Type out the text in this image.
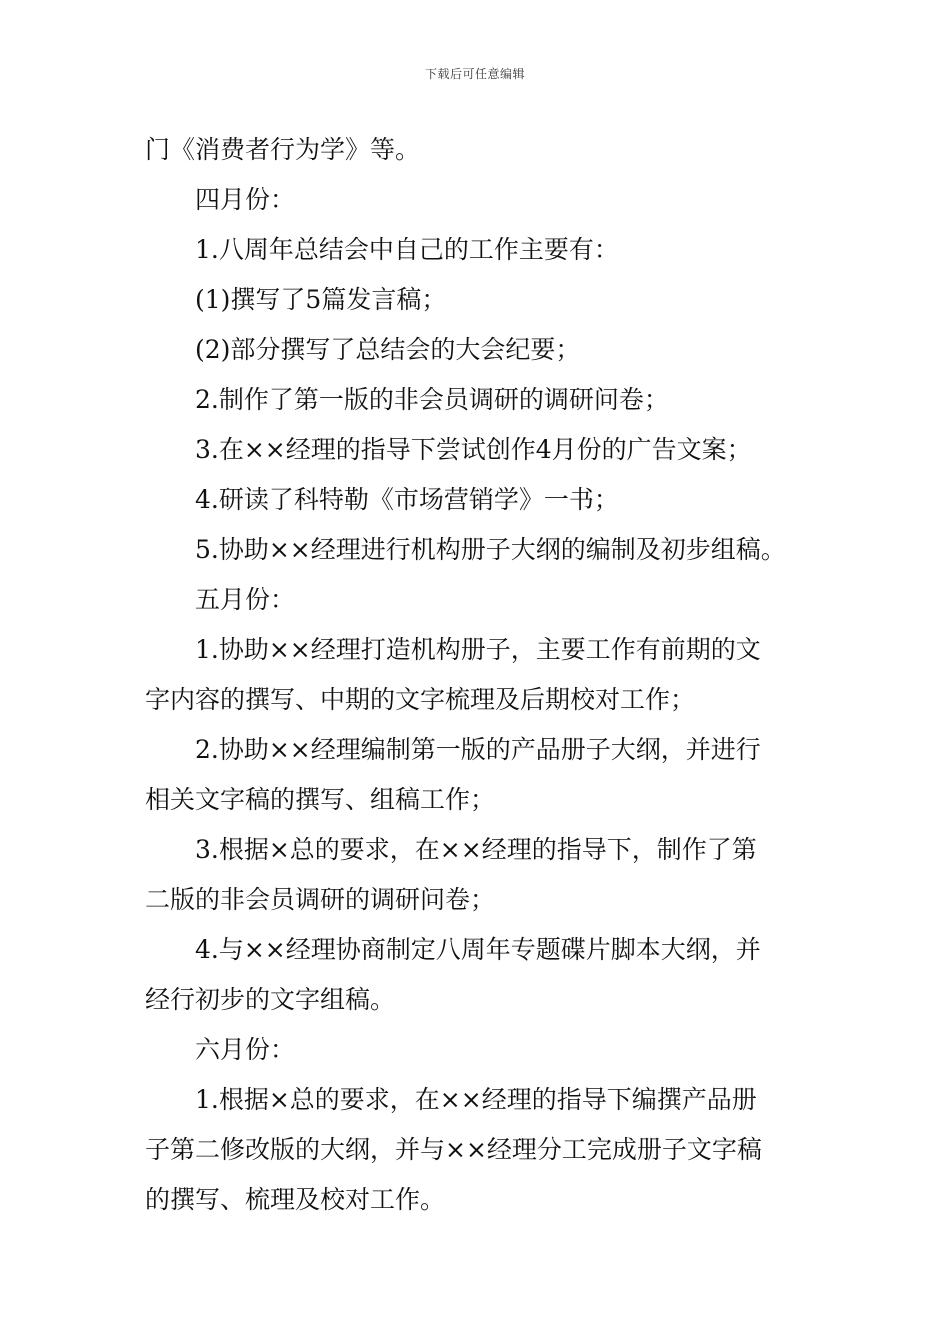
下载后可任意编辑
门《消费者行为学》等。
四月份：
1.八周年总结会中自己的工作主要有：
(1)撰写了5篇发言稿；
(2)部分撰写了总结会的大会纪要；
2.制作了第一版的非会员调研的调研问卷；
3.在××经理的指导下尝试创作4月份的广告文案；
4.研读了科特勒《市场营销学》一书；
5.协助××经理进行机构册子大纲的编制及初步组稿。
五月份：
1.协助××经理打造机构册子，主要工作有前期的文
字内容的撰写、中期的文字梳理及后期校对工作；
2.协助××经理编制第一版的产品册子大纲，并进行
相关文字稿的撰写、组稿工作；
3.根据×总的要求，在××经理的指导下，制作了第
二版的非会员调研的调研问卷；
4.与××经理协商制定八周年专题碟片脚本大纲，并
经行初步的文字组稿。
六月份：
1.根据×总的要求，在××经理的指导下编撰产品册
子第二修改版的大纲，并与××经理分工完成册子文字稿
的撰写、梳理及校对工作。
